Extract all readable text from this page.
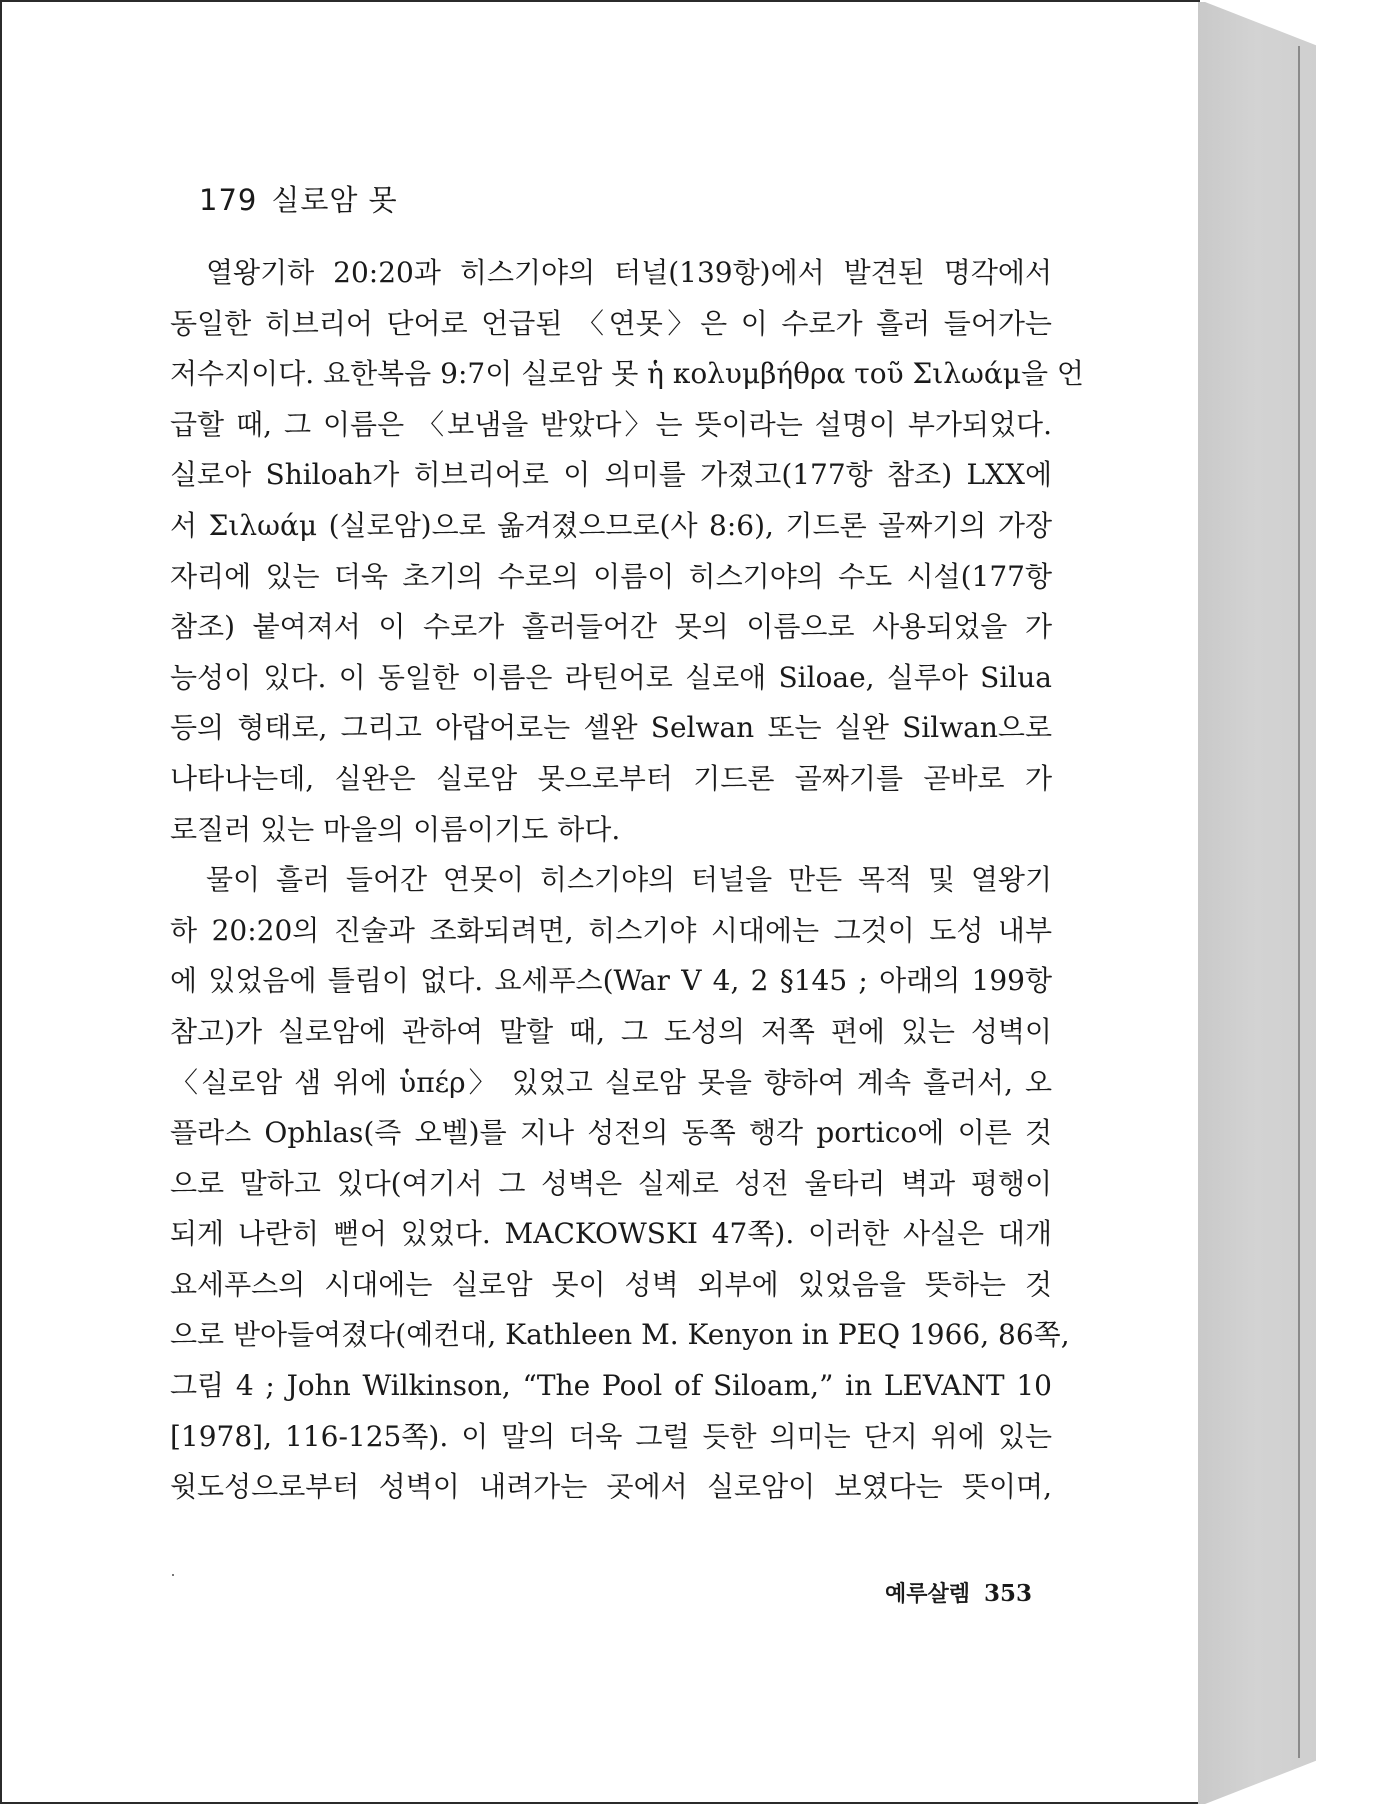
179 실로암 못
열왕기하 20:20과 히스기야의 터널(139항)에서 발견된 명각에서
동일한 히브리어 단어로 언급된 〈연못〉은 이 수로가 흘러 들어가는
저수지이다. 요한복음 9:7이 실로암 못 ἡ κολυμβήθρα τοῦ Σιλωάμ을 언
급할 때, 그 이름은 〈보냄을 받았다〉는 뜻이라는 설명이 부가되었다.
실로아 Shiloah가 히브리어로 이 의미를 가졌고(177항 참조) LXX에
서 Σιλωάμ (실로암)으로 옮겨졌으므로(사 8:6), 기드론 골짜기의 가장
자리에 있는 더욱 초기의 수로의 이름이 히스기야의 수도 시설(177항
참조) 붙여져서 이 수로가 흘러들어간 못의 이름으로 사용되었을 가
능성이 있다. 이 동일한 이름은 라틴어로 실로애 Siloae, 실루아 Silua
등의 형태로, 그리고 아랍어로는 셀완 Selwan 또는 실완 Silwan으로
나타나는데, 실완은 실로암 못으로부터 기드론 골짜기를 곧바로 가
로질러 있는 마을의 이름이기도 하다.
물이 흘러 들어간 연못이 히스기야의 터널을 만든 목적 및 열왕기
하 20:20의 진술과 조화되려면, 히스기야 시대에는 그것이 도성 내부
에 있었음에 틀림이 없다. 요세푸스(War V 4, 2 §145 ; 아래의 199항
참고)가 실로암에 관하여 말할 때, 그 도성의 저쪽 편에 있는 성벽이
〈실로암 샘 위에 ὑπέρ〉 있었고 실로암 못을 향하여 계속 흘러서, 오
플라스 Ophlas(즉 오벨)를 지나 성전의 동쪽 행각 portico에 이른 것
으로 말하고 있다(여기서 그 성벽은 실제로 성전 울타리 벽과 평행이
되게 나란히 뻗어 있었다. MACKOWSKI 47쪽). 이러한 사실은 대개
요세푸스의 시대에는 실로암 못이 성벽 외부에 있었음을 뜻하는 것
으로 받아들여졌다(예컨대, Kathleen M. Kenyon in PEQ 1966, 86쪽,
그림 4 ; John Wilkinson, “The Pool of Siloam,” in LEVANT 10
[1978], 116-125쪽). 이 말의 더욱 그럴 듯한 의미는 단지 위에 있는
윗도성으로부터 성벽이 내려가는 곳에서 실로암이 보였다는 뜻이며,
예루살렘 353
